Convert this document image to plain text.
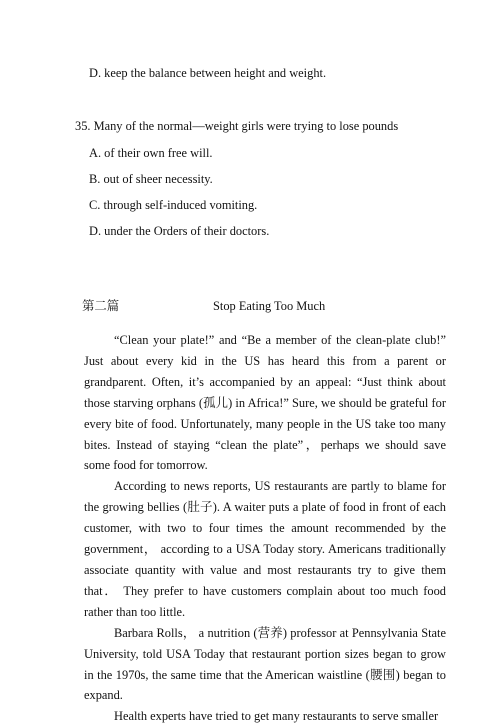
D. keep the balance between height and weight.
35. Many of the normal—weight girls were trying to lose pounds
A. of their own free will.
B. out of sheer necessity.
C. through self-induced vomiting.
D. under the Orders of their doctors.
第二篇	Stop Eating Too Much

“Clean your plate!” and “Be a member of the clean-plate club!” Just about every kid in the US has heard this from a parent or grandparent. Often, it’s accompanied by an appeal: “Just think about those starving orphans (孤儿) in Africa!” Sure, we should be grateful for every bite of food. Unfortunately, many people in the US take too many bites. Instead of staying “clean the plate”，perhaps we should save some food for tomorrow.

According to news reports, US restaurants are partly to blame for the growing bellies (肚子). A waiter puts a plate of food in front of each customer, with two to four times the amount recommended by the government， according to a USA Today story. Americans traditionally associate quantity with value and most restaurants try to give them that． They prefer to have customers complain about too much food rather than too little.

Barbara Rolls， a nutrition (营养) professor at Pennsylvania State University, told USA Today that restaurant portion sizes began to grow in the 1970s, the same time that the American waistline (腰围) began to expand.

Health experts have tried to get many restaurants to serve smaller
